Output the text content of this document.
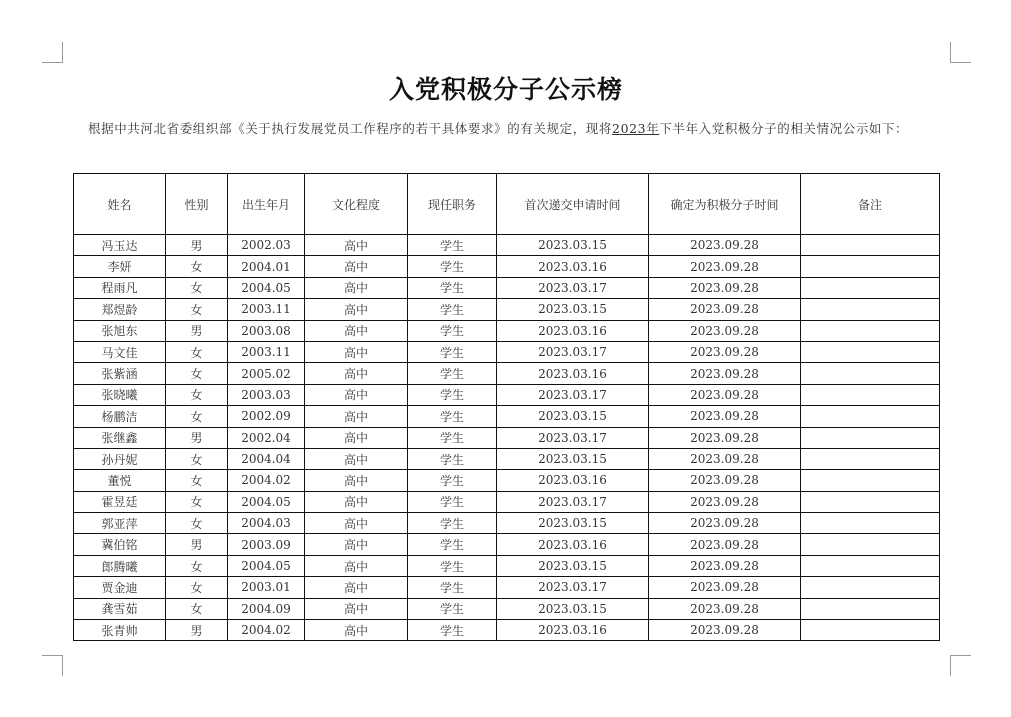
入党积极分子公示榜
根据中共河北省委组织部《关于执行发展党员工作程序的若干具体要求》的有关规定，现将2023年下半年入党积极分子的相关情况公示如下：
姓名	性别	出生年月	文化程度	现任职务	首次递交申请时间	确定为积极分子时间	备注
冯玉达	男	2002.03	高中	学生	2023.03.15	2023.09.28	
李妍	女	2004.01	高中	学生	2023.03.16	2023.09.28	
程雨凡	女	2004.05	高中	学生	2023.03.17	2023.09.28	
郑煜龄	女	2003.11	高中	学生	2023.03.15	2023.09.28	
张旭东	男	2003.08	高中	学生	2023.03.16	2023.09.28	
马文佳	女	2003.11	高中	学生	2023.03.17	2023.09.28	
张紫涵	女	2005.02	高中	学生	2023.03.16	2023.09.28	
张晓曦	女	2003.03	高中	学生	2023.03.17	2023.09.28	
杨鹏洁	女	2002.09	高中	学生	2023.03.15	2023.09.28	
张继鑫	男	2002.04	高中	学生	2023.03.17	2023.09.28	
孙丹妮	女	2004.04	高中	学生	2023.03.15	2023.09.28	
董悦	女	2004.02	高中	学生	2023.03.16	2023.09.28	
霍昱廷	女	2004.05	高中	学生	2023.03.17	2023.09.28	
郭亚萍	女	2004.03	高中	学生	2023.03.15	2023.09.28	
冀伯铭	男	2003.09	高中	学生	2023.03.16	2023.09.28	
郎腾曦	女	2004.05	高中	学生	2023.03.15	2023.09.28	
贾金迪	女	2003.01	高中	学生	2023.03.17	2023.09.28	
龚雪茹	女	2004.09	高中	学生	2023.03.15	2023.09.28	
张青帅	男	2004.02	高中	学生	2023.03.16	2023.09.28	
